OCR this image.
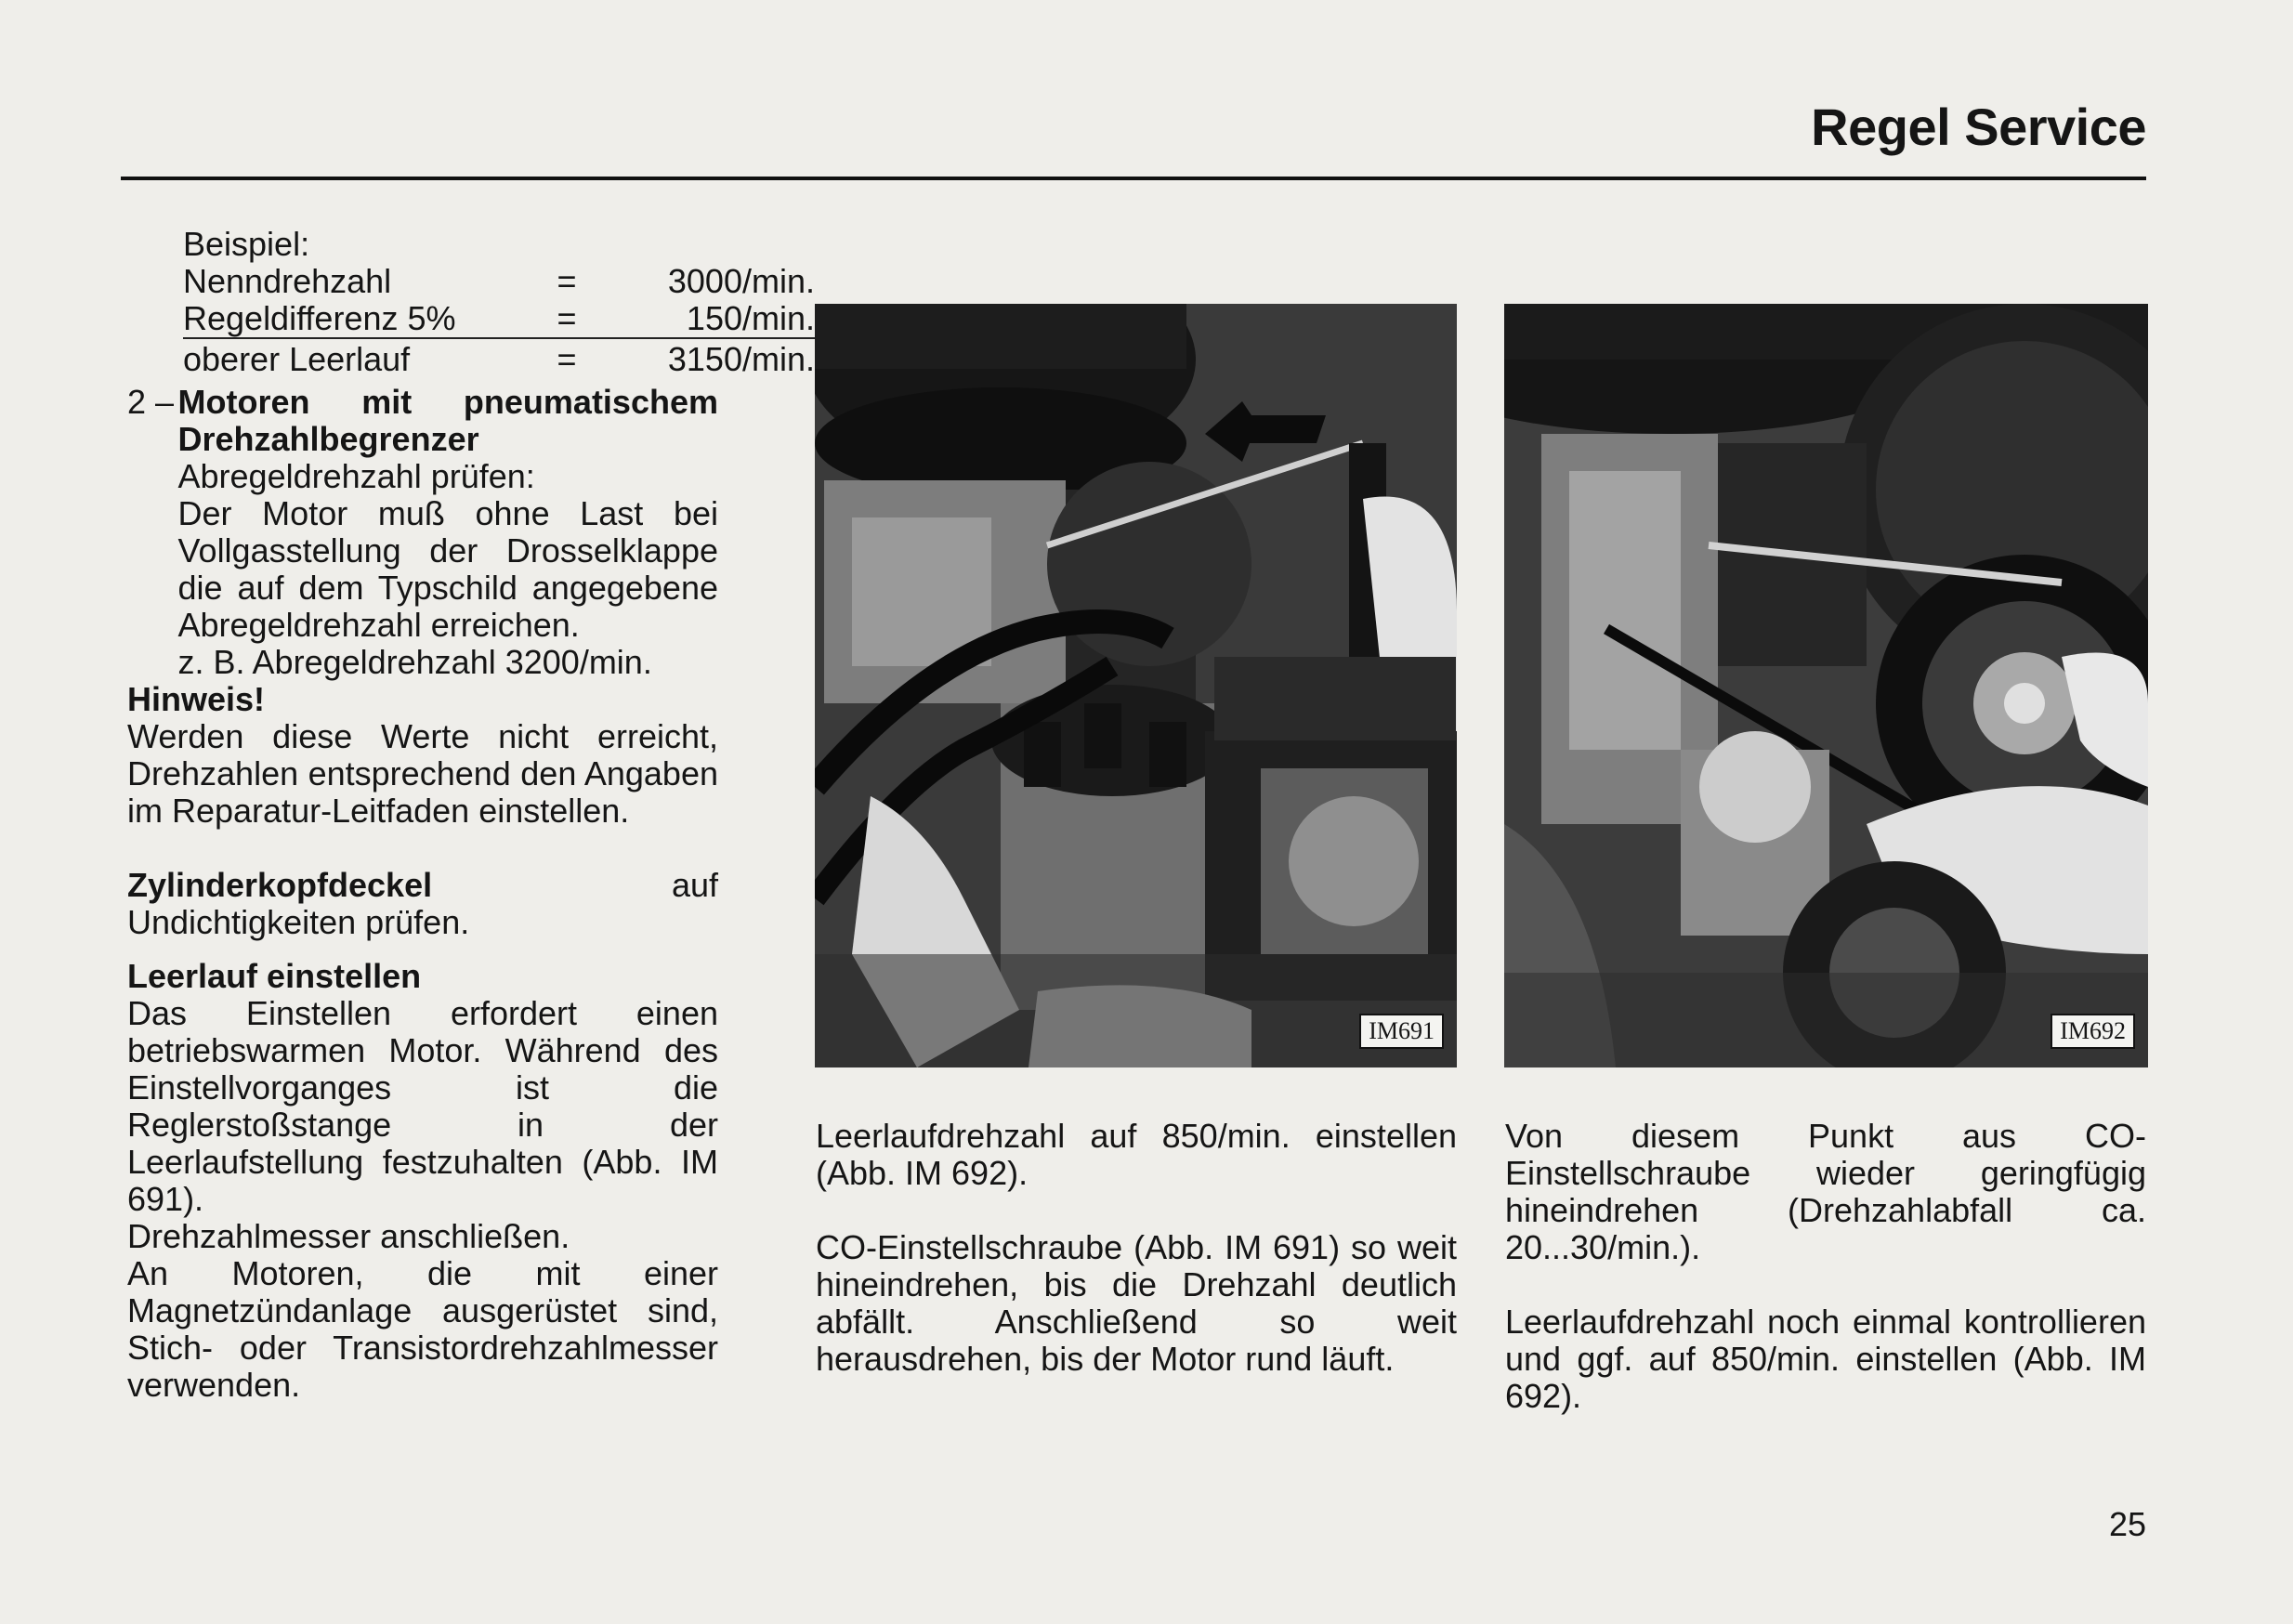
Regel Service

Beispiel:

Nenndrehzahl	=	3000/min.
Regeldifferenz 5%	=	150/min.
oberer Leerlauf	=	3150/min.
2 – Motoren mit pneumatischem Drehzahlbegrenzer

Abregeldrehzahl prüfen:

Der Motor muß ohne Last bei Vollgasstellung der Drosselklappe die auf dem Typschild angegebene Abregeldrehzahl erreichen.

z. B. Abregeldrehzahl 3200/min.

Hinweis!

Werden diese Werte nicht erreicht, Drehzahlen entsprechend den Angaben im Reparatur-Leitfaden einstellen.

Zylinderkopfdeckel auf Undichtigkeiten prüfen.

Leerlauf einstellen

Das Einstellen erfordert einen betriebswarmen Motor. Während des Einstellvorganges ist die Reglerstoßstange in der Leerlaufstellung festzuhalten (Abb. IM 691).

Drehzahlmesser anschließen.

An Motoren, die mit einer Magnetzündanlage ausgerüstet sind, Stich- oder Transistordrehzahlmesser verwenden.

IM691	IM692

Leerlaufdrehzahl auf 850/min. einstellen (Abb. IM 692).

CO-Einstellschraube (Abb. IM 691) so weit hineindrehen, bis die Drehzahl deutlich abfällt. Anschließend so weit herausdrehen, bis der Motor rund läuft.

Von diesem Punkt aus CO-Einstellschraube wieder geringfügig hineindrehen (Drehzahlabfall ca. 20...30/min.).

Leerlaufdrehzahl noch einmal kontrollieren und ggf. auf 850/min. einstellen (Abb. IM 692).

25
